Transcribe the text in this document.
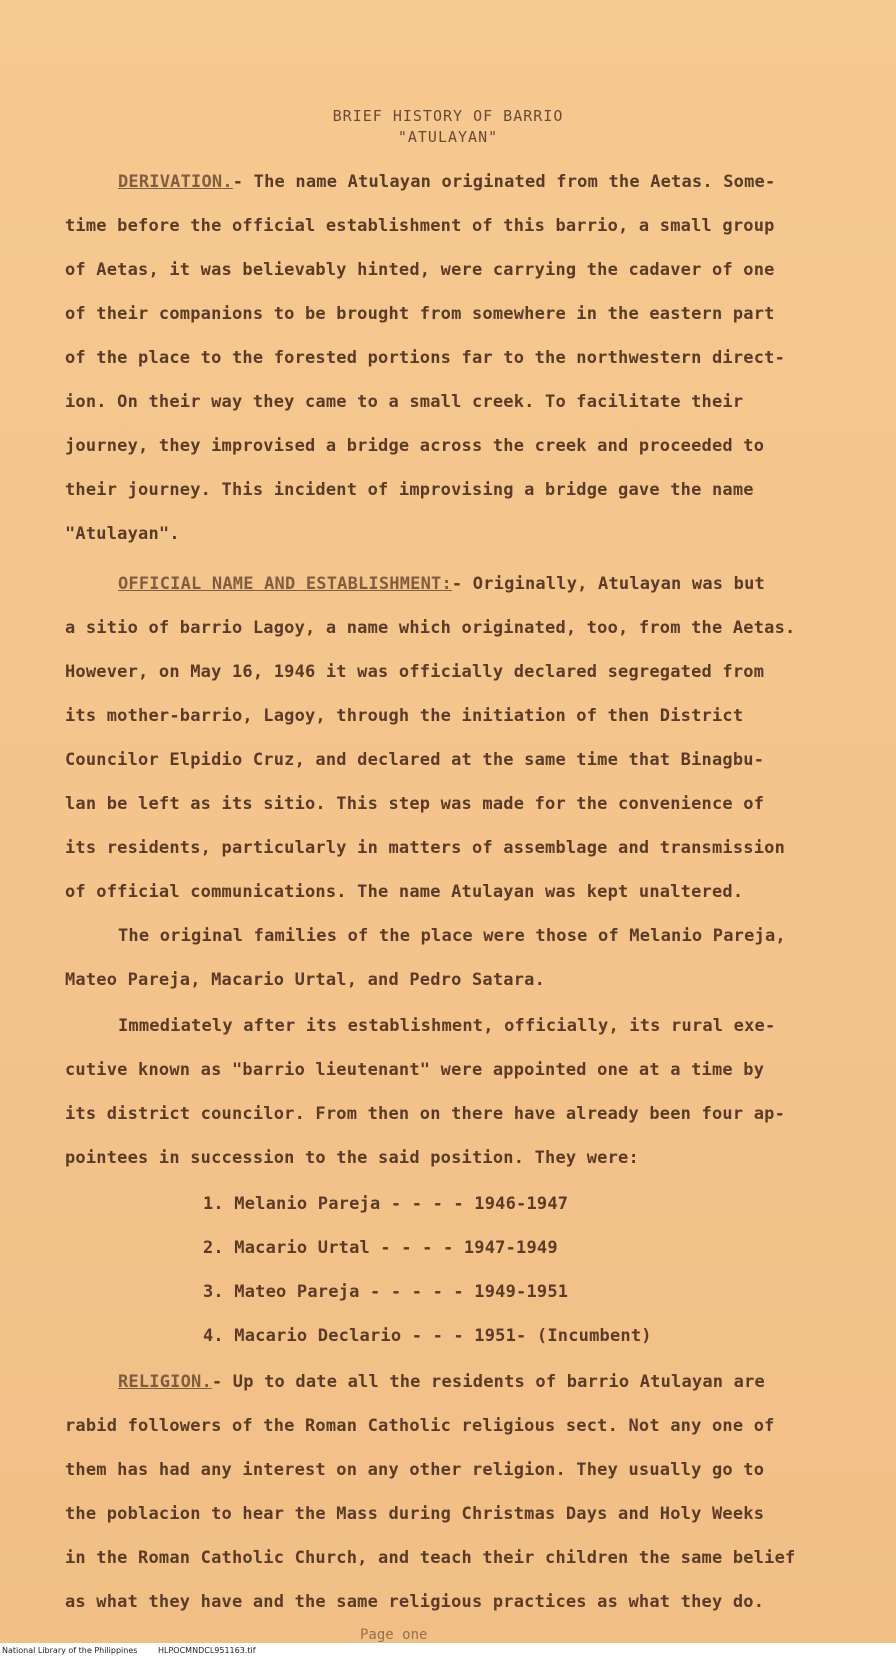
BRIEF HISTORY OF BARRIO
"ATULAYAN"
DERIVATION.- The name Atulayan originated from the Aetas. Some-
time before the official establishment of this barrio, a small group
of Aetas, it was believably hinted, were carrying the cadaver of one
of their companions to be brought from somewhere in the eastern part
of the place to the forested portions far to the northwestern direct-
ion. On their way they came to a small creek. To facilitate their
journey, they improvised a bridge across the creek and proceeded to
their journey. This incident of improvising a bridge gave the name
"Atulayan".
OFFICIAL NAME AND ESTABLISHMENT:- Originally, Atulayan was but
a sitio of barrio Lagoy, a name which originated, too, from the Aetas.
However, on May 16, 1946 it was officially declared segregated from
its mother-barrio, Lagoy, through the initiation of then District
Councilor Elpidio Cruz, and declared at the same time that Binagbu-
lan be left as its sitio. This step was made for the convenience of
its residents, particularly in matters of assemblage and transmission
of official communications. The name Atulayan was kept unaltered.
The original families of the place were those of Melanio Pareja,
Mateo Pareja, Macario Urtal, and Pedro Satara.
Immediately after its establishment, officially, its rural exe-
cutive known as "barrio lieutenant" were appointed one at a time by
its district councilor. From then on there have already been four ap-
pointees in succession to the said position. They were:
1. Melanio Pareja - - - - 1946-1947
2. Macario Urtal - - - - 1947-1949
3. Mateo Pareja - - - - - 1949-1951
4. Macario Declario - - - 1951- (Incumbent)
RELIGION.- Up to date all the residents of barrio Atulayan are
rabid followers of the Roman Catholic religious sect. Not any one of
them has had any interest on any other religion. They usually go to
the poblacion to hear the Mass during Christmas Days and Holy Weeks
in the Roman Catholic Church, and teach their children the same belief
as what they have and the same religious practices as what they do.
Page one
National Library of the Philippines	HLPOCMNDCL951163.tif
